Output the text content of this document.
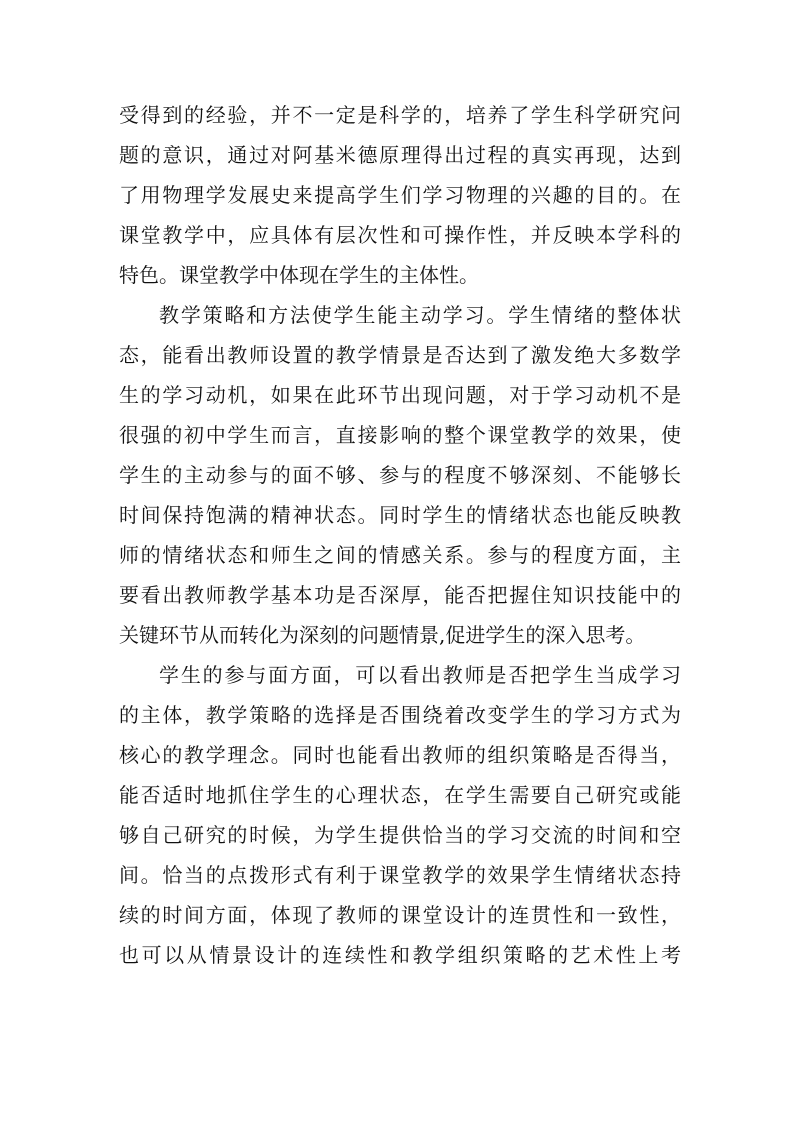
受得到的经验，并不一定是科学的，培养了学生科学研究问
题的意识，通过对阿基米德原理得出过程的真实再现，达到
了用物理学发展史来提高学生们学习物理的兴趣的目的。在
课堂教学中，应具体有层次性和可操作性，并反映本学科的
特色。课堂教学中体现在学生的主体性。
教学策略和方法使学生能主动学习。学生情绪的整体状
态，能看出教师设置的教学情景是否达到了激发绝大多数学
生的学习动机，如果在此环节出现问题，对于学习动机不是
很强的初中学生而言，直接影响的整个课堂教学的效果，使
学生的主动参与的面不够、参与的程度不够深刻、不能够长
时间保持饱满的精神状态。同时学生的情绪状态也能反映教
师的情绪状态和师生之间的情感关系。参与的程度方面，主
要看出教师教学基本功是否深厚，能否把握住知识技能中的
关键环节从而转化为深刻的问题情景,促进学生的深入思考。
学生的参与面方面，可以看出教师是否把学生当成学习
的主体，教学策略的选择是否围绕着改变学生的学习方式为
核心的教学理念。同时也能看出教师的组织策略是否得当，
能否适时地抓住学生的心理状态，在学生需要自己研究或能
够自己研究的时候，为学生提供恰当的学习交流的时间和空
间。恰当的点拨形式有利于课堂教学的效果学生情绪状态持
续的时间方面，体现了教师的课堂设计的连贯性和一致性，
也可以从情景设计的连续性和教学组织策略的艺术性上考
